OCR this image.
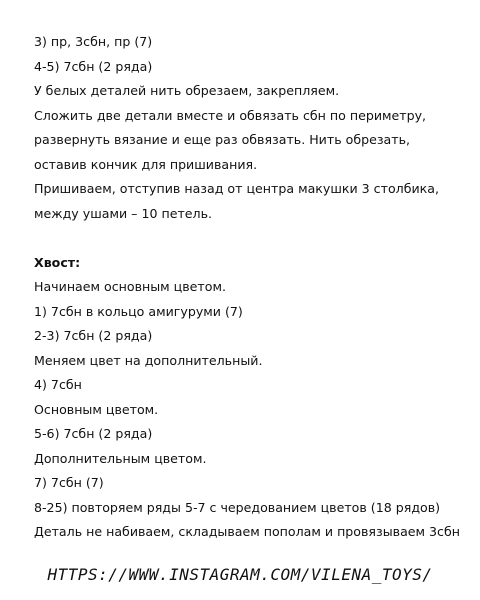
3) пр, 3сбн, пр (7)
4-5) 7сбн (2 ряда)
У белых деталей нить обрезаем, закрепляем.
Сложить две детали вместе и обвязать сбн по периметру,
развернуть вязание и еще раз обвязать. Нить обрезать,
оставив кончик для пришивания.
Пришиваем, отступив назад от центра макушки 3 столбика,
между ушами – 10 петель.
Хвост:
Начинаем основным цветом.
1) 7сбн в кольцо амигуруми (7)
2-3) 7сбн (2 ряда)
Меняем цвет на дополнительный.
4) 7сбн
Основным цветом.
5-6) 7сбн (2 ряда)
Дополнительным цветом.
7) 7сбн (7)
8-25) повторяем ряды 5-7 с чередованием цветов (18 рядов)
Деталь не набиваем, складываем пополам и провязываем 3сбн
HTTPS://WWW.INSTAGRAM.COM/VILENA_TOYS/
